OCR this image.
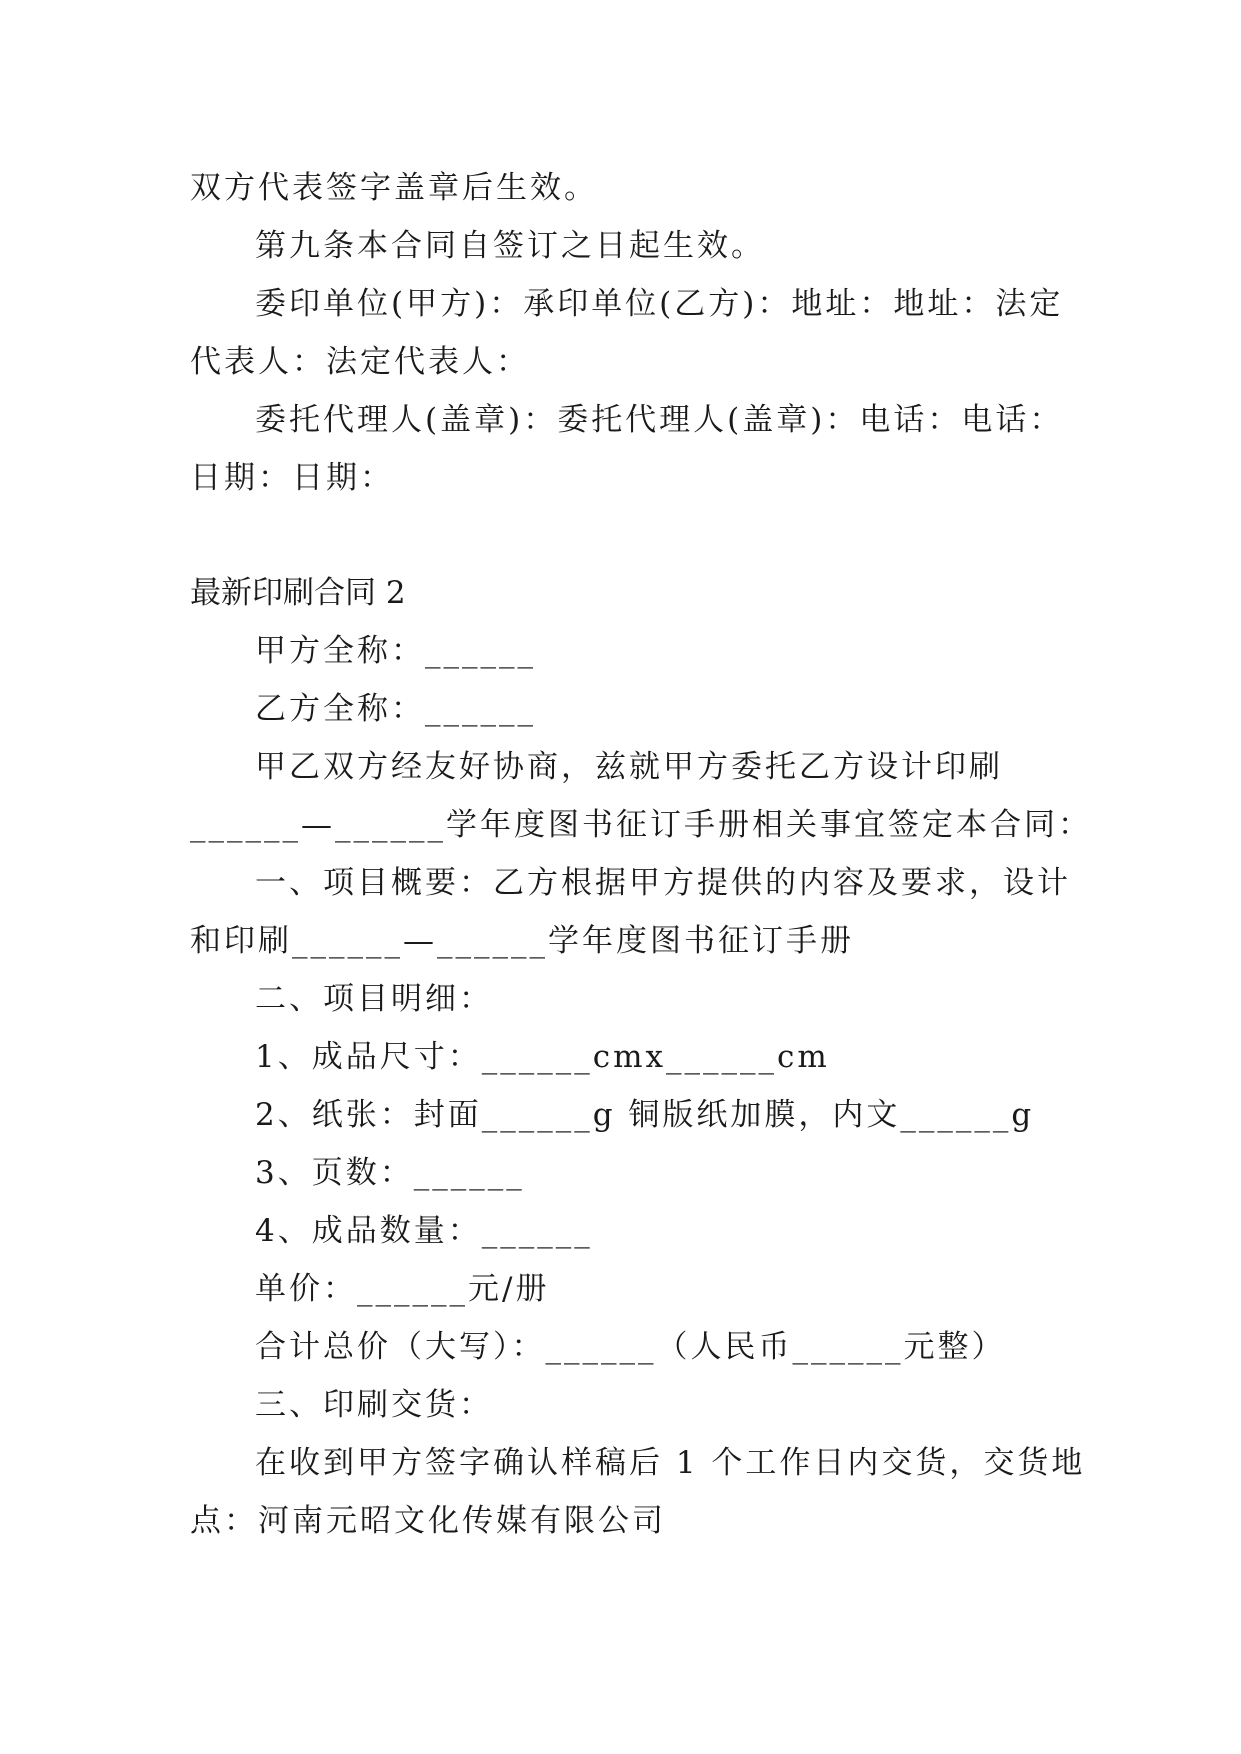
双方代表签字盖章后生效。
第九条本合同自签订之日起生效。
委印单位(甲方)：承印单位(乙方)：地址：地址：法定
代表人：法定代表人：
委托代理人(盖章)：委托代理人(盖章)：电话：电话：
日期：日期：
最新印刷合同 2
甲方全称：______
乙方全称：______
甲乙双方经友好协商，兹就甲方委托乙方设计印刷
______—______学年度图书征订手册相关事宜签定本合同：
一、项目概要：乙方根据甲方提供的内容及要求，设计
和印刷______—______学年度图书征订手册
二、项目明细：
1、成品尺寸：______cmx______cm
2、纸张：封面______g 铜版纸加膜，内文______g
3、页数：______
4、成品数量：______
单价：______元/册
合计总价（大写）：______（人民币______元整）
三、印刷交货：
在收到甲方签字确认样稿后 1 个工作日内交货，交货地
点：河南元昭文化传媒有限公司
